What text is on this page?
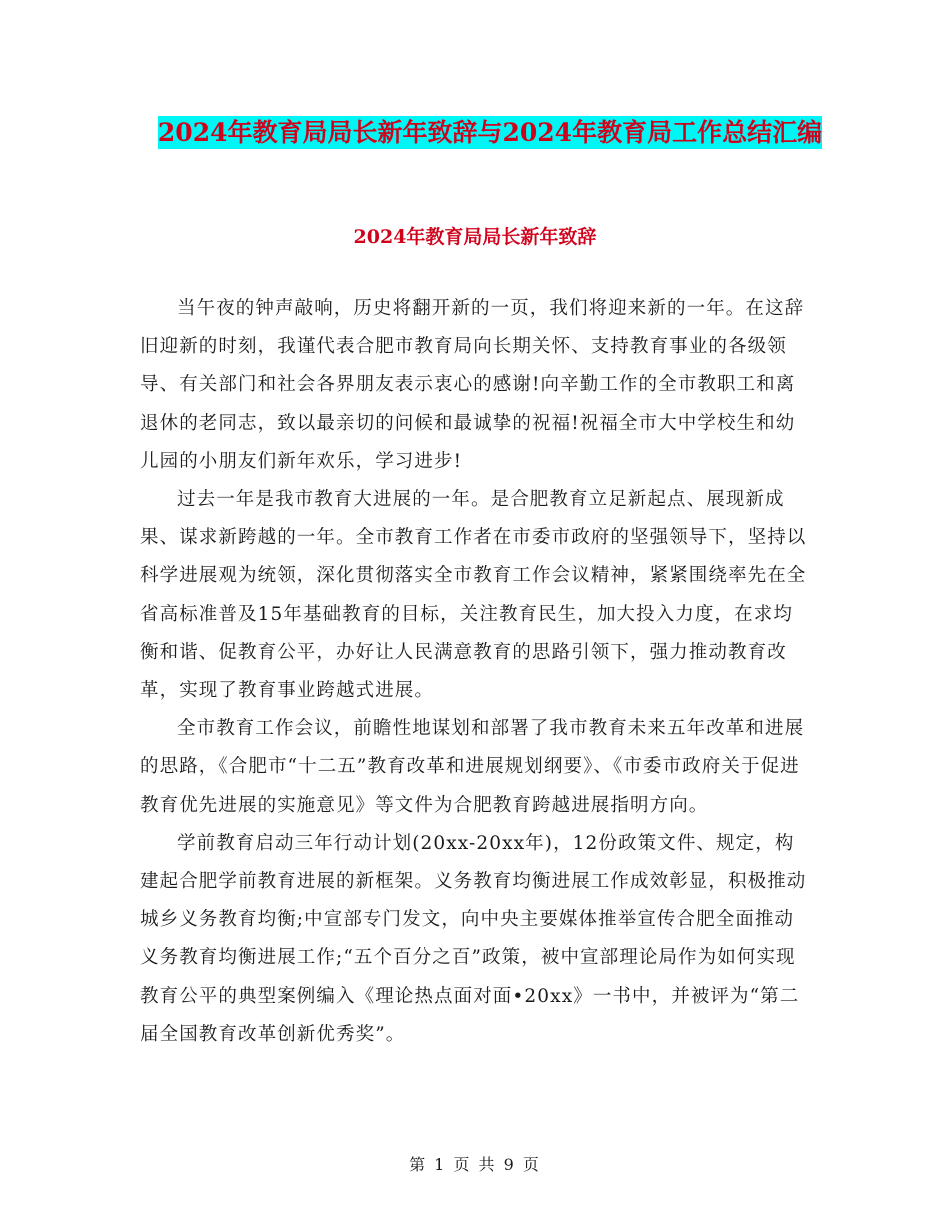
2024年教育局局长新年致辞与2024年教育局工作总结汇编
2024年教育局局长新年致辞

当午夜的钟声敲响，历史将翻开新的一页，我们将迎来新的一年。在这辞旧迎新的时刻，我谨代表合肥市教育局向长期关怀、支持教育事业的各级领导、有关部门和社会各界朋友表示衷心的感谢!向辛勤工作的全市教职工和离退休的老同志，致以最亲切的问候和最诚挚的祝福!祝福全市大中学校生和幼儿园的小朋友们新年欢乐，学习进步!

过去一年是我市教育大进展的一年。是合肥教育立足新起点、展现新成果、谋求新跨越的一年。全市教育工作者在市委市政府的坚强领导下，坚持以科学进展观为统领，深化贯彻落实全市教育工作会议精神，紧紧围绕率先在全省高标准普及15年基础教育的目标，关注教育民生，加大投入力度，在求均衡和谐、促教育公平，办好让人民满意教育的思路引领下，强力推动教育改革，实现了教育事业跨越式进展。

全市教育工作会议，前瞻性地谋划和部署了我市教育未来五年改革和进展的思路，《合肥市“十二五”教育改革和进展规划纲要》、《市委市政府关于促进教育优先进展的实施意见》等文件为合肥教育跨越进展指明方向。

学前教育启动三年行动计划(20xx-20xx年)，12份政策文件、规定，构建起合肥学前教育进展的新框架。义务教育均衡进展工作成效彰显，积极推动城乡义务教育均衡;中宣部专门发文，向中央主要媒体推举宣传合肥全面推动义务教育均衡进展工作;“五个百分之百”政策，被中宣部理论局作为如何实现教育公平的典型案例编入《理论热点面对面•20xx》一书中，并被评为“第二届全国教育改革创新优秀奖”。

第 1 页 共 9 页
